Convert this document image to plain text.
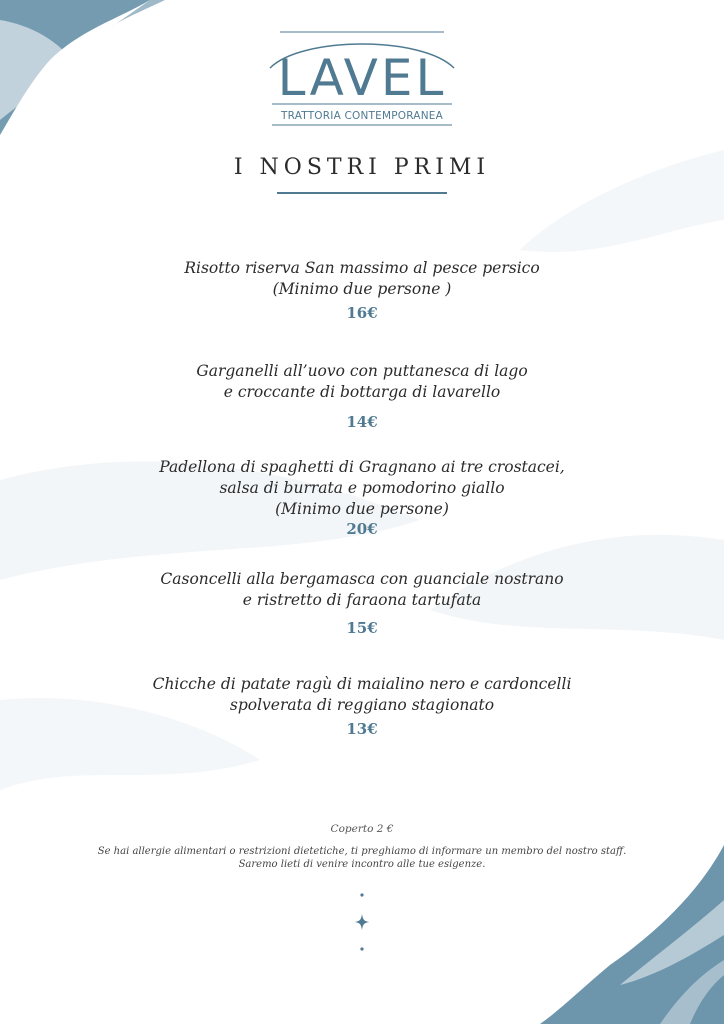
LAVEL
TRATTORIA CONTEMPORANEA
I NOSTRI PRIMI
Risotto riserva San massimo al pesce persico
(Minimo due persone )
16€
Garganelli all’uovo con puttanesca di lago
e croccante di bottarga di lavarello
14€
Padellona di spaghetti di Gragnano ai tre crostacei,
salsa di burrata e pomodorino giallo
(Minimo due persone)
20€
Casoncelli alla bergamasca con guanciale nostrano
e ristretto di faraona tartufata
15€
Chicche di patate ragù di maialino nero e cardoncelli
spolverata di reggiano stagionato
13€
Coperto 2 €
Se hai allergie alimentari o restrizioni dietetiche, ti preghiamo di informare un membro del nostro staff.
Saremo lieti di venire incontro alle tue esigenze.
